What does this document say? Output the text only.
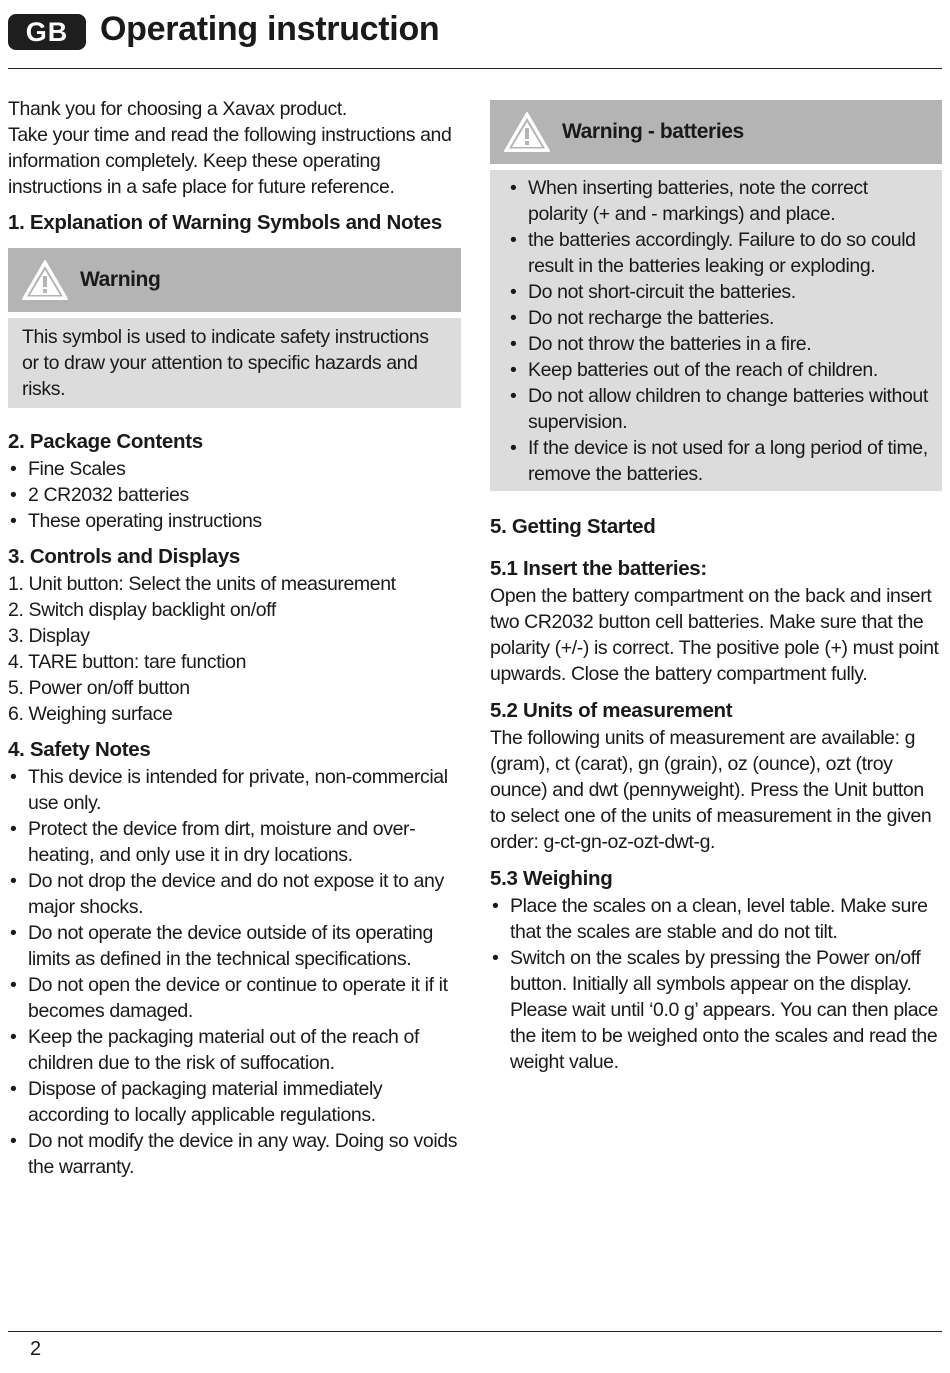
GB Operating instruction

Thank you for choosing a Xavax product.

Take your time and read the following instructions and information completely. Keep these operating instructions in a safe place for future reference.

1. Explanation of Warning Symbols and Notes
Warning

This symbol is used to indicate safety instructions or to draw your attention to specific hazards and risks.

2. Package Contents
• Fine Scales
• 2 CR2032 batteries
• These operating instructions
3. Controls and Displays
1. Unit button: Select the units of measurement
2. Switch display backlight on/off
3. Display
4. TARE button: tare function
5. Power on/off button
6. Weighing surface
4. Safety Notes
• This device is intended for private, non-commercial use only.
• Protect the device from dirt, moisture and over-heating, and only use it in dry locations.
• Do not drop the device and do not expose it to any major shocks.
• Do not operate the device outside of its operating limits as defined in the technical specifications.
• Do not open the device or continue to operate it if it becomes damaged.
• Keep the packaging material out of the reach of children due to the risk of suffocation.
• Dispose of packaging material immediately according to locally applicable regulations.
• Do not modify the device in any way. Doing so voids the warranty.
Warning - batteries
• When inserting batteries, note the correct polarity (+ and - markings) and place.
• the batteries accordingly. Failure to do so could result in the batteries leaking or exploding.
• Do not short-circuit the batteries.
• Do not recharge the batteries.
• Do not throw the batteries in a fire.
• Keep batteries out of the reach of children.
• Do not allow children to change batteries without supervision.
• If the device is not used for a long period of time, remove the batteries.
5. Getting Started
5.1 Insert the batteries:

Open the battery compartment on the back and insert two CR2032 button cell batteries. Make sure that the polarity (+/-) is correct. The positive pole (+) must point upwards. Close the battery compartment fully.

5.2 Units of measurement

The following units of measurement are available: g (gram), ct (carat), gn (grain), oz (ounce), ozt (troy ounce) and dwt (pennyweight). Press the Unit button to select one of the units of measurement in the given order: g-ct-gn-oz-ozt-dwt-g.

5.3 Weighing
• Place the scales on a clean, level table. Make sure that the scales are stable and do not tilt.
• Switch on the scales by pressing the Power on/off button. Initially all symbols appear on the display. Please wait until ‘0.0 g’ appears. You can then place the item to be weighed onto the scales and read the weight value.
2
